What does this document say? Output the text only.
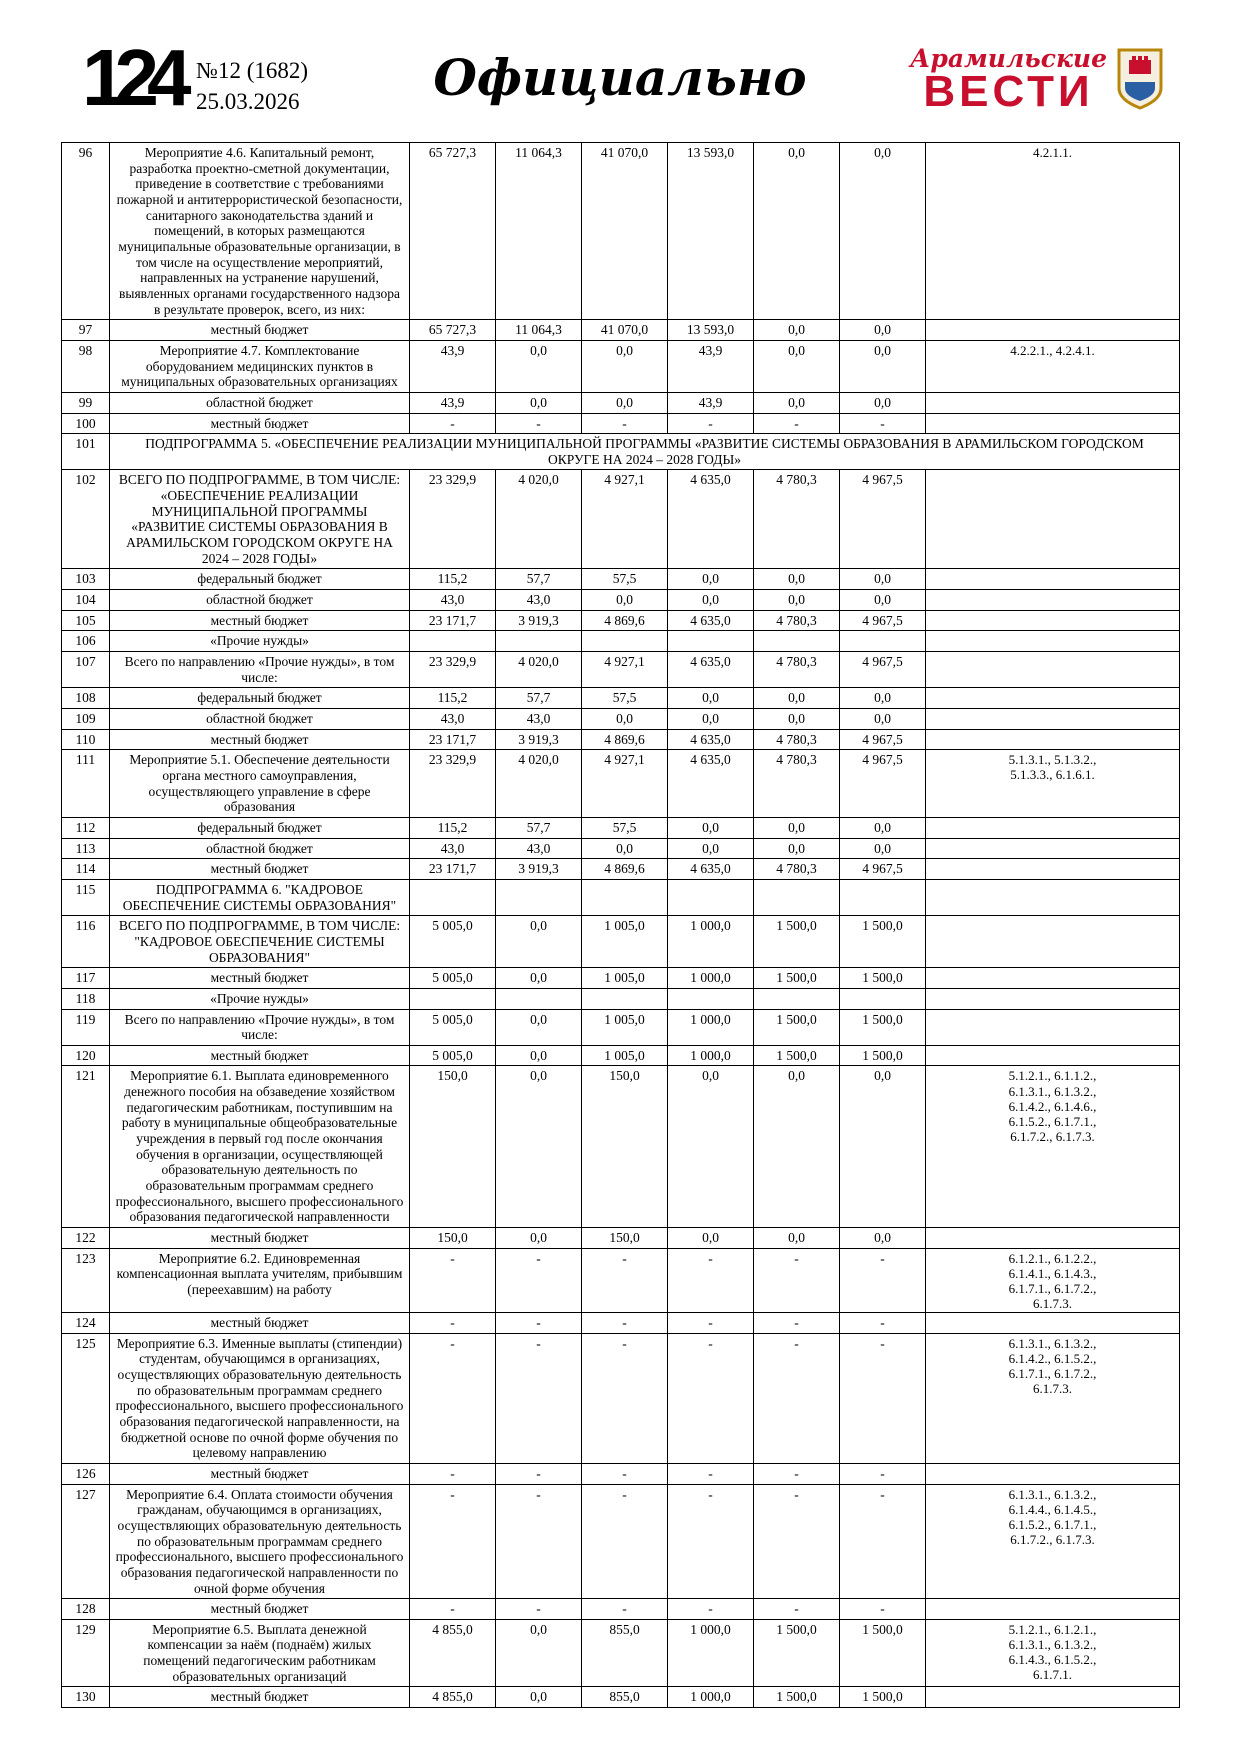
124 №12 (1682)
25.03.2026	Официально	Арамильские
ВЕСТИ
96	Мероприятие 4.6. Капитальный ремонт, разработка проектно-сметной документации, приведение в соответствие с требованиями пожарной и антитеррористической безопасности, санитарного законодательства зданий и помещений, в которых размещаются муниципальные образовательные организации, в том числе на осуществление мероприятий, направленных на устранение нарушений, выявленных органами государственного надзора в результате проверок, всего, из них:	65 727,3	11 064,3	41 070,0	13 593,0	0,0	0,0	4.2.1.1.
97	местный бюджет	65 727,3	11 064,3	41 070,0	13 593,0	0,0	0,0	
98	Мероприятие 4.7. Комплектование оборудованием медицинских пунктов в муниципальных образовательных организациях	43,9	0,0	0,0	43,9	0,0	0,0	4.2.2.1., 4.2.4.1.
99	областной бюджет	43,9	0,0	0,0	43,9	0,0	0,0	
100	местный бюджет	-	-	-	-	-	-	
101	ПОДПРОГРАММА 5. «ОБЕСПЕЧЕНИЕ РЕАЛИЗАЦИИ МУНИЦИПАЛЬНОЙ ПРОГРАММЫ «РАЗВИТИЕ СИСТЕМЫ ОБРАЗОВАНИЯ В АРАМИЛЬСКОМ ГОРОДСКОМ ОКРУГЕ НА 2024 – 2028 ГОДЫ»							
102	ВСЕГО ПО ПОДПРОГРАММЕ, В ТОМ ЧИСЛЕ: «ОБЕСПЕЧЕНИЕ РЕАЛИЗАЦИИ МУНИЦИПАЛЬНОЙ ПРОГРАММЫ «РАЗВИТИЕ СИСТЕМЫ ОБРАЗОВАНИЯ В АРАМИЛЬСКОМ ГОРОДСКОМ ОКРУГЕ НА 2024 – 2028 ГОДЫ»	23 329,9	4 020,0	4 927,1	4 635,0	4 780,3	4 967,5	
103	федеральный бюджет	115,2	57,7	57,5	0,0	0,0	0,0	
104	областной бюджет	43,0	43,0	0,0	0,0	0,0	0,0	
105	местный бюджет	23 171,7	3 919,3	4 869,6	4 635,0	4 780,3	4 967,5	
106	«Прочие нужды»							
107	Всего по направлению «Прочие нужды», в том числе:	23 329,9	4 020,0	4 927,1	4 635,0	4 780,3	4 967,5	
108	федеральный бюджет	115,2	57,7	57,5	0,0	0,0	0,0	
109	областной бюджет	43,0	43,0	0,0	0,0	0,0	0,0	
110	местный бюджет	23 171,7	3 919,3	4 869,6	4 635,0	4 780,3	4 967,5	
111	Мероприятие 5.1. Обеспечение деятельности органа местного самоуправления, осуществляющего управление в сфере образования	23 329,9	4 020,0	4 927,1	4 635,0	4 780,3	4 967,5	5.1.3.1., 5.1.3.2., 5.1.3.3., 6.1.6.1.
112	федеральный бюджет	115,2	57,7	57,5	0,0	0,0	0,0	
113	областной бюджет	43,0	43,0	0,0	0,0	0,0	0,0	
114	местный бюджет	23 171,7	3 919,3	4 869,6	4 635,0	4 780,3	4 967,5	
115	ПОДПРОГРАММА 6. "КАДРОВОЕ ОБЕСПЕЧЕНИЕ СИСТЕМЫ ОБРАЗОВАНИЯ"							
116	ВСЕГО ПО ПОДПРОГРАММЕ, В ТОМ ЧИСЛЕ: "КАДРОВОЕ ОБЕСПЕЧЕНИЕ СИСТЕМЫ ОБРАЗОВАНИЯ"	5 005,0	0,0	1 005,0	1 000,0	1 500,0	1 500,0	
117	местный бюджет	5 005,0	0,0	1 005,0	1 000,0	1 500,0	1 500,0	
118	«Прочие нужды»							
119	Всего по направлению «Прочие нужды», в том числе:	5 005,0	0,0	1 005,0	1 000,0	1 500,0	1 500,0	
120	местный бюджет	5 005,0	0,0	1 005,0	1 000,0	1 500,0	1 500,0	
121	Мероприятие 6.1. Выплата единовременного денежного пособия на обзаведение хозяйством педагогическим работникам, поступившим на работу в муниципальные общеобразовательные учреждения в первый год после окончания обучения в организации, осуществляющей образовательную деятельность по образовательным программам среднего профессионального, высшего профессионального образования педагогической направленности	150,0	0,0	150,0	0,0	0,0	0,0	5.1.2.1., 6.1.1.2., 6.1.3.1., 6.1.3.2., 6.1.4.2., 6.1.4.6., 6.1.5.2., 6.1.7.1., 6.1.7.2., 6.1.7.3.
122	местный бюджет	150,0	0,0	150,0	0,0	0,0	0,0	
123	Мероприятие 6.2. Единовременная компенсационная выплата учителям, прибывшим (переехавшим) на работу	-	-	-	-	-	-	6.1.2.1., 6.1.2.2., 6.1.4.1., 6.1.4.3., 6.1.7.1., 6.1.7.2., 6.1.7.3.
124	местный бюджет	-	-	-	-	-	-	
125	Мероприятие 6.3. Именные выплаты (стипендии) студентам, обучающимся в организациях, осуществляющих образовательную деятельность по образовательным программам среднего профессионального, высшего профессионального образования педагогической направленности, на бюджетной основе по очной форме обучения по целевому направлению	-	-	-	-	-	-	6.1.3.1., 6.1.3.2., 6.1.4.2., 6.1.5.2., 6.1.7.1., 6.1.7.2., 6.1.7.3.
126	местный бюджет	-	-	-	-	-	-	
127	Мероприятие 6.4. Оплата стоимости обучения гражданам, обучающимся в организациях, осуществляющих образовательную деятельность по образовательным программам среднего профессионального, высшего профессионального образования педагогической направленности по очной форме обучения	-	-	-	-	-	-	6.1.3.1., 6.1.3.2., 6.1.4.4., 6.1.4.5., 6.1.5.2., 6.1.7.1., 6.1.7.2., 6.1.7.3.
128	местный бюджет	-	-	-	-	-	-	
129	Мероприятие 6.5. Выплата денежной компенсации за наём (поднаём) жилых помещений педагогическим работникам образовательных организаций	4 855,0	0,0	855,0	1 000,0	1 500,0	1 500,0	5.1.2.1., 6.1.2.1., 6.1.3.1., 6.1.3.2., 6.1.4.3., 6.1.5.2., 6.1.7.1.
130	местный бюджет	4 855,0	0,0	855,0	1 000,0	1 500,0	1 500,0	
